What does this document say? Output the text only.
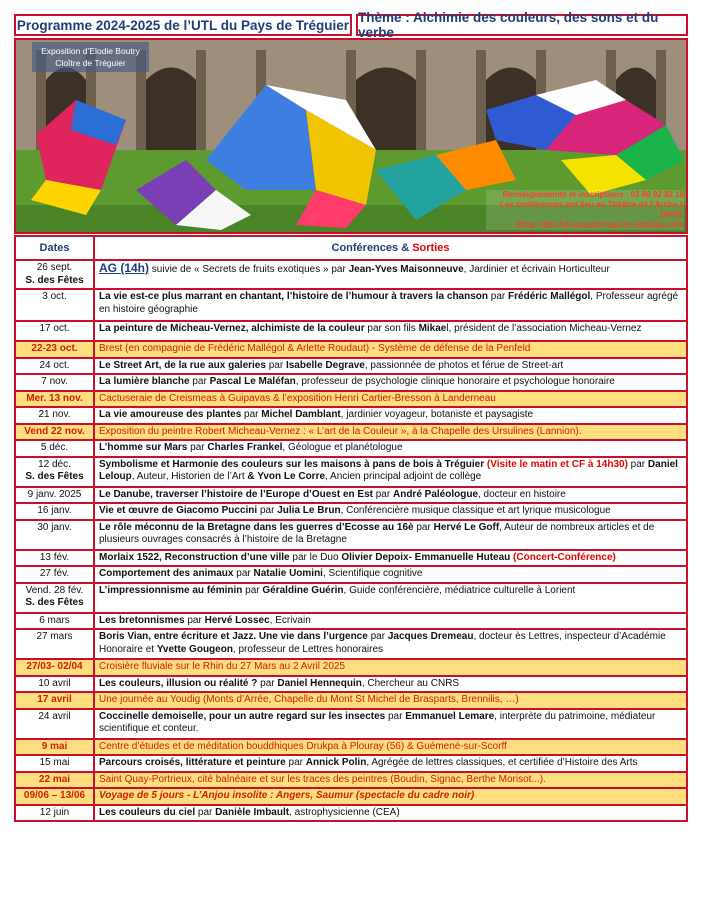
Programme 2024-2025 de l’UTL du Pays de Tréguier Thème : Alchimie des couleurs, des sons et du verbe
Exposition d’Elodie Boutry
Cloître de Tréguier
Renseignements et inscriptions : 02 96 92 82 19
Les conférences ont lieu au Théâtre de l’Arche à 14h30.
Blog: http://utl-paysdetreguier.eklablog.com
Dates	Conférences & Sorties
26 sept.
S. des Fêtes	AG (14h) suivie de « Secrets de fruits exotiques » par Jean-Yves Maisonneuve, Jardinier et écrivain Horticulteur
3 oct.	La vie est-ce plus marrant en chantant, l’histoire de l’humour à travers la chanson par Frédéric Mallégol, Professeur agrégé en histoire géographie
17 oct.	La peinture de Micheau-Vernez, alchimiste de la couleur par son fils Mikael, président de l’association Micheau-Vernez
22-23 oct.	Brest (en compagnie de Frédéric Mallégol & Arlette Roudaut) - Système de défense de la Penfeld
24 oct.	Le Street Art, de la rue aux galeries par Isabelle Degrave, passionnée de photos et férue de Street-art
7 nov.	La lumière blanche par Pascal Le Maléfan, professeur de psychologie clinique honoraire et psychologue honoraire
Mer. 13 nov.	Cactuseraie de Creismeas à Guipavas & l’exposition Henri Cartier-Bresson à Landerneau
21 nov.	La vie amoureuse des plantes par Michel Damblant, jardinier voyageur, botaniste et paysagiste
Vend 22 nov.	Exposition du peintre Robert Micheau-Vernez : « L’art de la Couleur », à la Chapelle des Ursulines (Lannion).
5 déc.	L’homme sur Mars par Charles Frankel, Géologue et planétologue
12 déc.
S. des Fêtes	Symbolisme et Harmonie des couleurs sur les maisons à pans de bois à Tréguier (Visite le matin et CF à 14h30) par Daniel Leloup, Auteur, Historien de l’Art & Yvon Le Corre, Ancien principal adjoint de collège
9 janv. 2025	Le Danube, traverser l’histoire de l’Europe d’Ouest en Est par André Paléologue, docteur en histoire
16 janv.	Vie et œuvre de Giacomo Puccini par Julia Le Brun, Conférencière musique classique et art lyrique musicologue
30 janv.	Le rôle méconnu de la Bretagne dans les guerres d’Ecosse au 16è par Hervé Le Goff, Auteur de nombreux articles et de plusieurs ouvrages consacrés à l’histoire de la Bretagne
13 fév.	Morlaix 1522, Reconstruction d’une ville par le Duo Olivier Depoix- Emmanuelle Huteau (Concert-Conférence)
27 fév.	Comportement des animaux par Natalie Uomini, Scientifique cognitive
Vend. 28 fév.
S. des Fêtes	L’impressionnisme au féminin par Géraldine Guérin, Guide conférencière, médiatrice culturelle à Lorient
6 mars	Les bretonnismes par Hervé Lossec, Ecrivain
27 mars	Boris Vian, entre écriture et Jazz. Une vie dans l’urgence par Jacques Dremeau, docteur ès Lettres, inspecteur d’Académie Honoraire et Yvette Gougeon, professeur de Lettres honoraires
27/03- 02/04	Croisière fluviale sur le Rhin du 27 Mars au 2 Avril 2025
10 avril	Les couleurs, illusion ou réalité ? par Daniel Hennequin, Chercheur au CNRS
17 avril	Une journée au Youdig (Monts d’Arrée, Chapelle du Mont St Michel de Brasparts, Brennilis, …)
24 avril	Coccinelle demoiselle, pour un autre regard sur les insectes par Emmanuel Lemare, interprète du patrimoine, médiateur scientifique et conteur.
9 mai	Centre d’études et de méditation bouddhiques Drukpa à Plouray (56) & Guémené-sur-Scorff
15 mai	Parcours croisés, littérature et peinture par Annick Polin, Agrégée de lettres classiques, et certifiée d’Histoire des Arts
22 mai	Saint Quay-Portrieux, cité balnéaire et sur les traces des peintres (Boudin, Signac, Berthe Morisot...).
09/06 – 13/06	Voyage de 5 jours - L’Anjou insolite : Angers, Saumur (spectacle du cadre noir)
12 juin	Les couleurs du ciel par Danièle Imbault, astrophysicienne (CEA)
